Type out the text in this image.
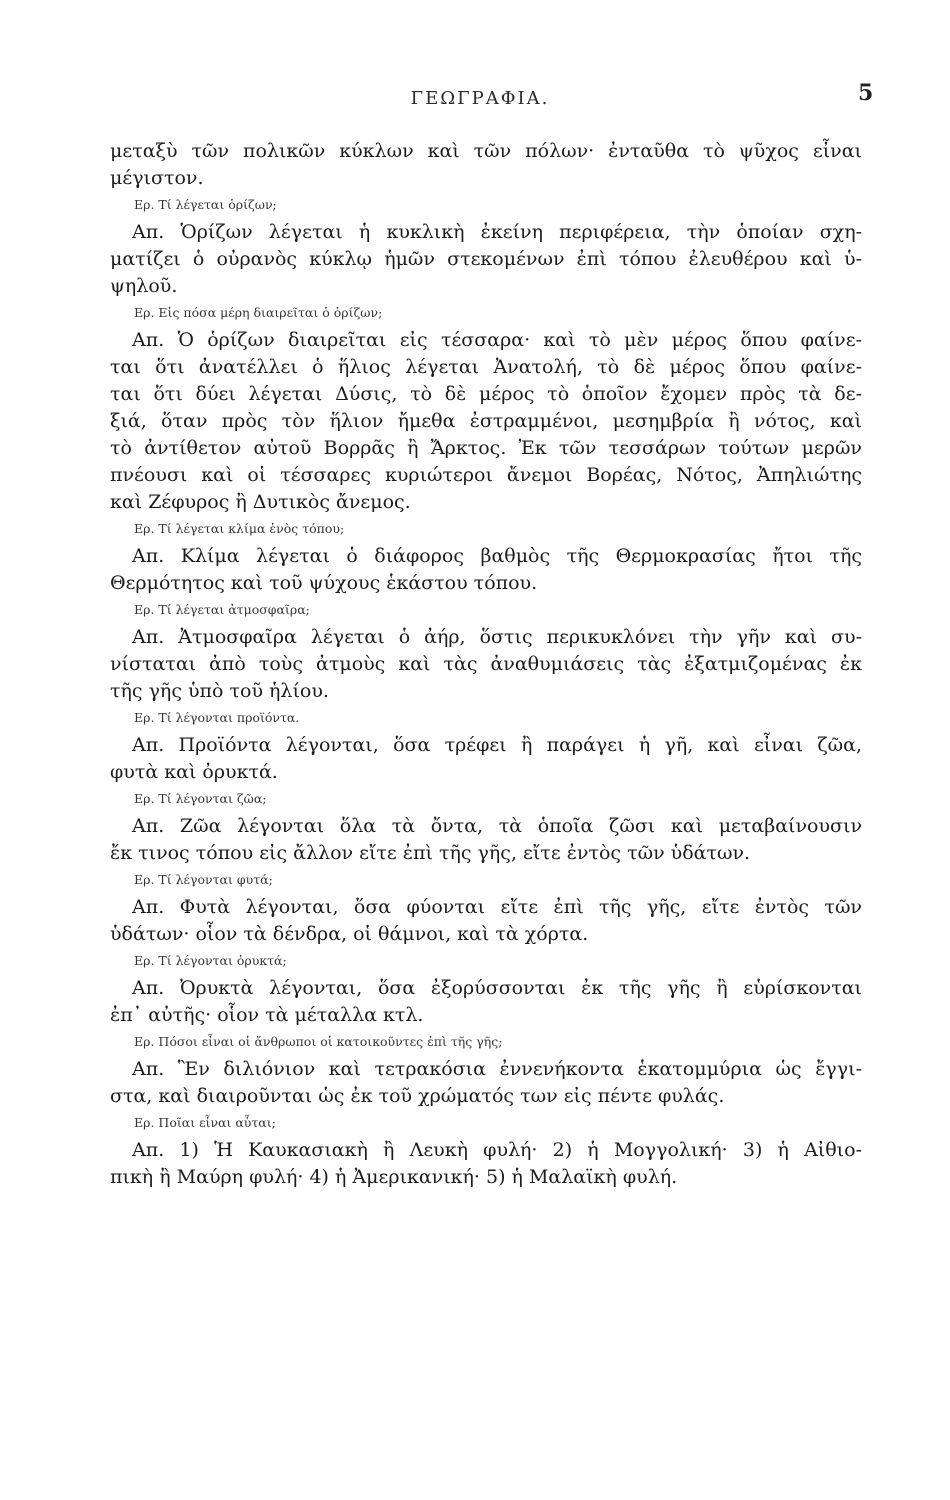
ΓΕΩΓΡΑΦΙΑ.	5
μεταξὺ τῶν πολικῶν κύκλων καὶ τῶν πόλων· ἐνταῦθα τὸ ψῦχος εἶναι
μέγιστον.
Ερ. Τί λέγεται ὁρίζων;
Απ. Ὁρίζων λέγεται ἡ κυκλικὴ ἐκείνη περιφέρεια, τὴν ὁποίαν σχη-
ματίζει ὁ οὐρανὸς κύκλῳ ἡμῶν στεκομένων ἐπὶ τόπου ἐλευθέρου καὶ ὑ-
ψηλοῦ.
Ερ. Εἰς πόσα μέρη διαιρεῖται ὁ ὁρίζων;
Απ. Ὁ ὁρίζων διαιρεῖται εἰς τέσσαρα· καὶ τὸ μὲν μέρος ὅπου φαίνε-
ται ὅτι ἀνατέλλει ὁ ἥλιος λέγεται Ἀνατολή, τὸ δὲ μέρος ὅπου φαίνε-
ται ὅτι δύει λέγεται Δύσις, τὸ δὲ μέρος τὸ ὁποῖον ἔχομεν πρὸς τὰ δε-
ξιά, ὅταν πρὸς τὸν ἥλιον ἤμεθα ἐστραμμένοι, μεσημβρία ἢ νότος, καὶ
τὸ ἀντίθετον αὐτοῦ Βορρᾶς ἢ Ἄρκτος. Ἐκ τῶν τεσσάρων τούτων μερῶν
πνέουσι καὶ οἱ τέσσαρες κυριώτεροι ἄνεμοι Βορέας, Νότος, Ἀπηλιώτης
καὶ Ζέφυρος ἢ Δυτικὸς ἄνεμος.
Ερ. Τί λέγεται κλίμα ἑνὸς τόπου;
Απ. Κλίμα λέγεται ὁ διάφορος βαθμὸς τῆς Θερμοκρασίας ἤτοι τῆς
Θερμότητος καὶ τοῦ ψύχους ἑκάστου τόπου.
Ερ. Τί λέγεται ἀτμοσφαῖρα;
Απ. Ἀτμοσφαῖρα λέγεται ὁ ἀήρ, ὅστις περικυκλόνει τὴν γῆν καὶ συ-
νίσταται ἀπὸ τοὺς ἀτμοὺς καὶ τὰς ἀναθυμιάσεις τὰς ἐξατμιζομένας ἐκ
τῆς γῆς ὑπὸ τοῦ ἡλίου.
Ερ. Τί λέγονται προϊόντα.
Απ. Προϊόντα λέγονται, ὅσα τρέφει ἢ παράγει ἡ γῆ, καὶ εἶναι ζῶα,
φυτὰ καὶ ὀρυκτά.
Ερ. Τί λέγονται ζῶα;
Απ. Ζῶα λέγονται ὅλα τὰ ὄντα, τὰ ὁποῖα ζῶσι καὶ μεταβαίνουσιν
ἔκ τινος τόπου εἰς ἄλλον εἴτε ἐπὶ τῆς γῆς, εἴτε ἐντὸς τῶν ὑδάτων.
Ερ. Τί λέγονται φυτά;
Απ. Φυτὰ λέγονται, ὅσα φύονται εἴτε ἐπὶ τῆς γῆς, εἴτε ἐντὸς τῶν
ὑδάτων· οἷον τὰ δένδρα, οἱ θάμνοι, καὶ τὰ χόρτα.
Ερ. Τί λέγονται ὀρυκτά;
Απ. Ὀρυκτὰ λέγονται, ὅσα ἐξορύσσονται ἐκ τῆς γῆς ἢ εὑρίσκονται
ἐπ᾽ αὐτῆς· οἷον τὰ μέταλλα κτλ.
Ερ. Πόσοι εἶναι οἱ ἄνθρωποι οἱ κατοικοῦντες ἐπὶ τῆς γῆς;
Απ. Ἓν διλιόνιον καὶ τετρακόσια ἐννενήκοντα ἑκατομμύρια ὡς ἔγγι-
στα, καὶ διαιροῦνται ὡς ἐκ τοῦ χρώματός των εἰς πέντε φυλάς.
Ερ. Ποῖαι εἶναι αὗται;
Απ. 1) Ἡ Καυκασιακὴ ἢ Λευκὴ φυλή· 2) ἡ Μογγολική· 3) ἡ Αἰθιο-
πικὴ ἢ Μαύρη φυλή· 4) ἡ Ἀμερικανική· 5) ἡ Μαλαϊκὴ φυλή.
